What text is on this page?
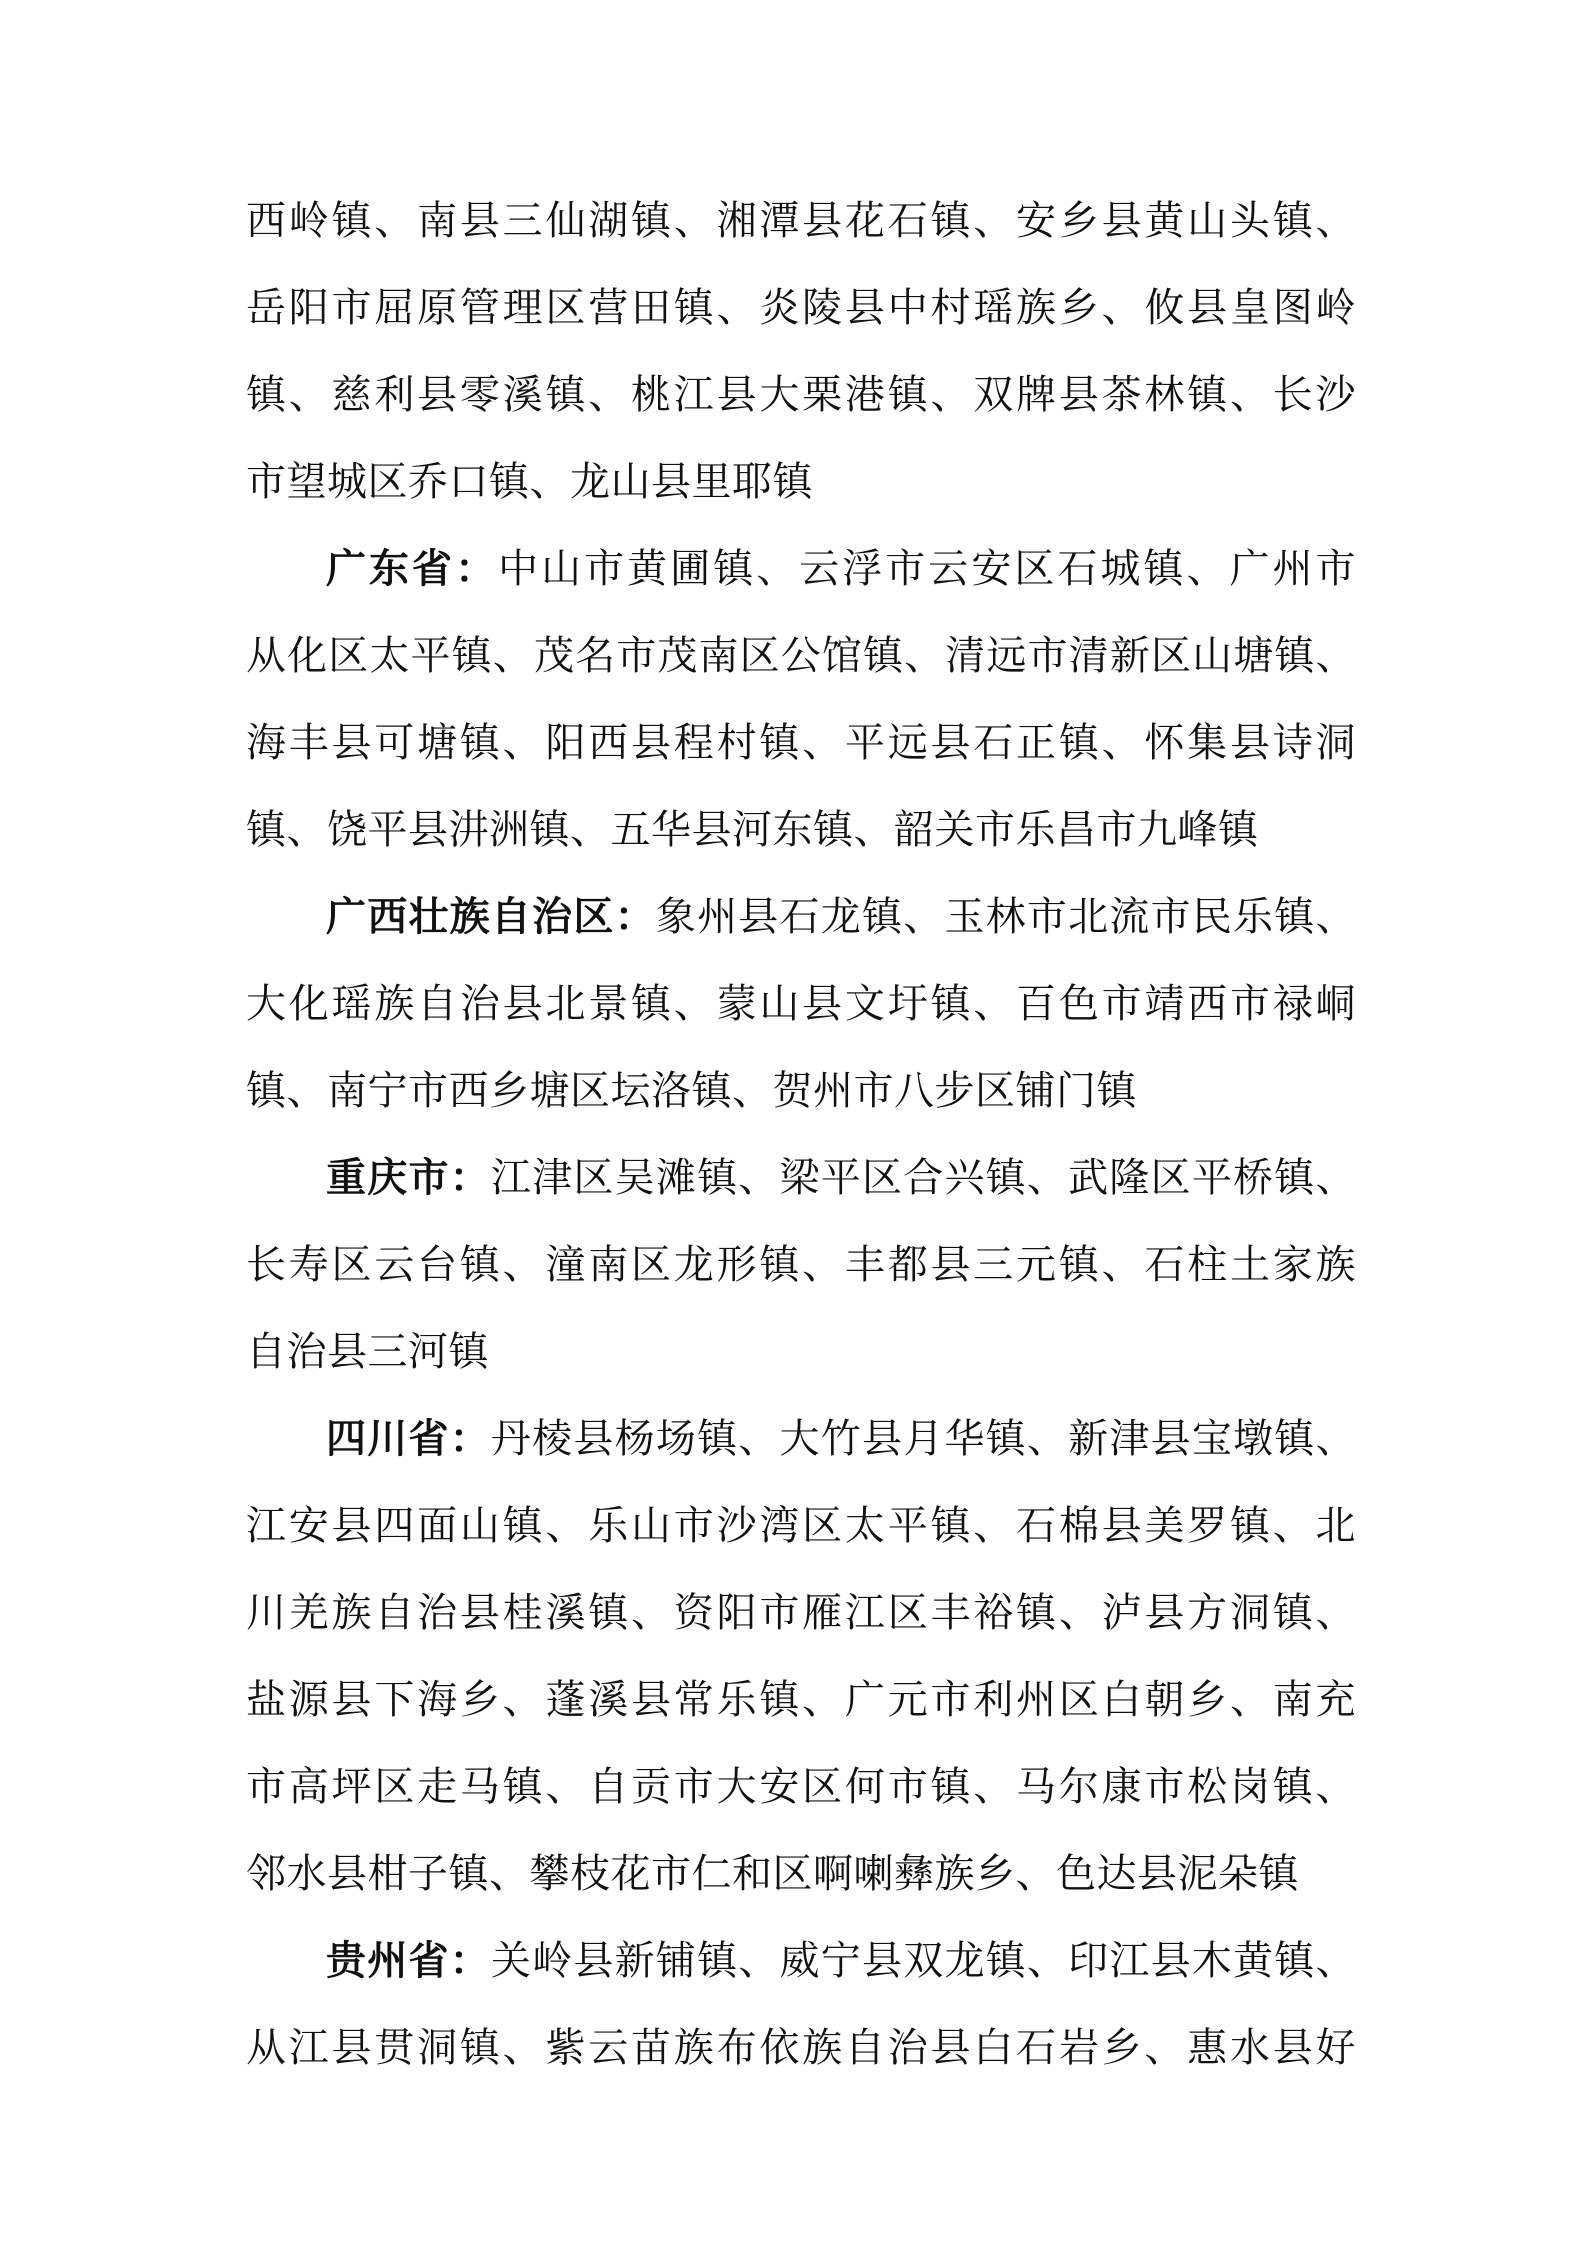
西岭镇、南县三仙湖镇、湘潭县花石镇、安乡县黄山头镇、
岳阳市屈原管理区营田镇、炎陵县中村瑶族乡、攸县皇图岭
镇、慈利县零溪镇、桃江县大栗港镇、双牌县茶林镇、长沙
市望城区乔口镇、龙山县里耶镇
广东省：中山市黄圃镇、云浮市云安区石城镇、广州市
从化区太平镇、茂名市茂南区公馆镇、清远市清新区山塘镇、
海丰县可塘镇、阳西县程村镇、平远县石正镇、怀集县诗洞
镇、饶平县汫洲镇、五华县河东镇、韶关市乐昌市九峰镇
广西壮族自治区：象州县石龙镇、玉林市北流市民乐镇、
大化瑶族自治县北景镇、蒙山县文圩镇、百色市靖西市禄峒
镇、南宁市西乡塘区坛洛镇、贺州市八步区铺门镇
重庆市：江津区吴滩镇、梁平区合兴镇、武隆区平桥镇、
长寿区云台镇、潼南区龙形镇、丰都县三元镇、石柱土家族
自治县三河镇
四川省：丹棱县杨场镇、大竹县月华镇、新津县宝墩镇、
江安县四面山镇、乐山市沙湾区太平镇、石棉县美罗镇、北
川羌族自治县桂溪镇、资阳市雁江区丰裕镇、泸县方洞镇、
盐源县下海乡、蓬溪县常乐镇、广元市利州区白朝乡、南充
市高坪区走马镇、自贡市大安区何市镇、马尔康市松岗镇、
邻水县柑子镇、攀枝花市仁和区啊喇彝族乡、色达县泥朵镇
贵州省：关岭县新铺镇、威宁县双龙镇、印江县木黄镇、
从江县贯洞镇、紫云苗族布依族自治县白石岩乡、惠水县好
